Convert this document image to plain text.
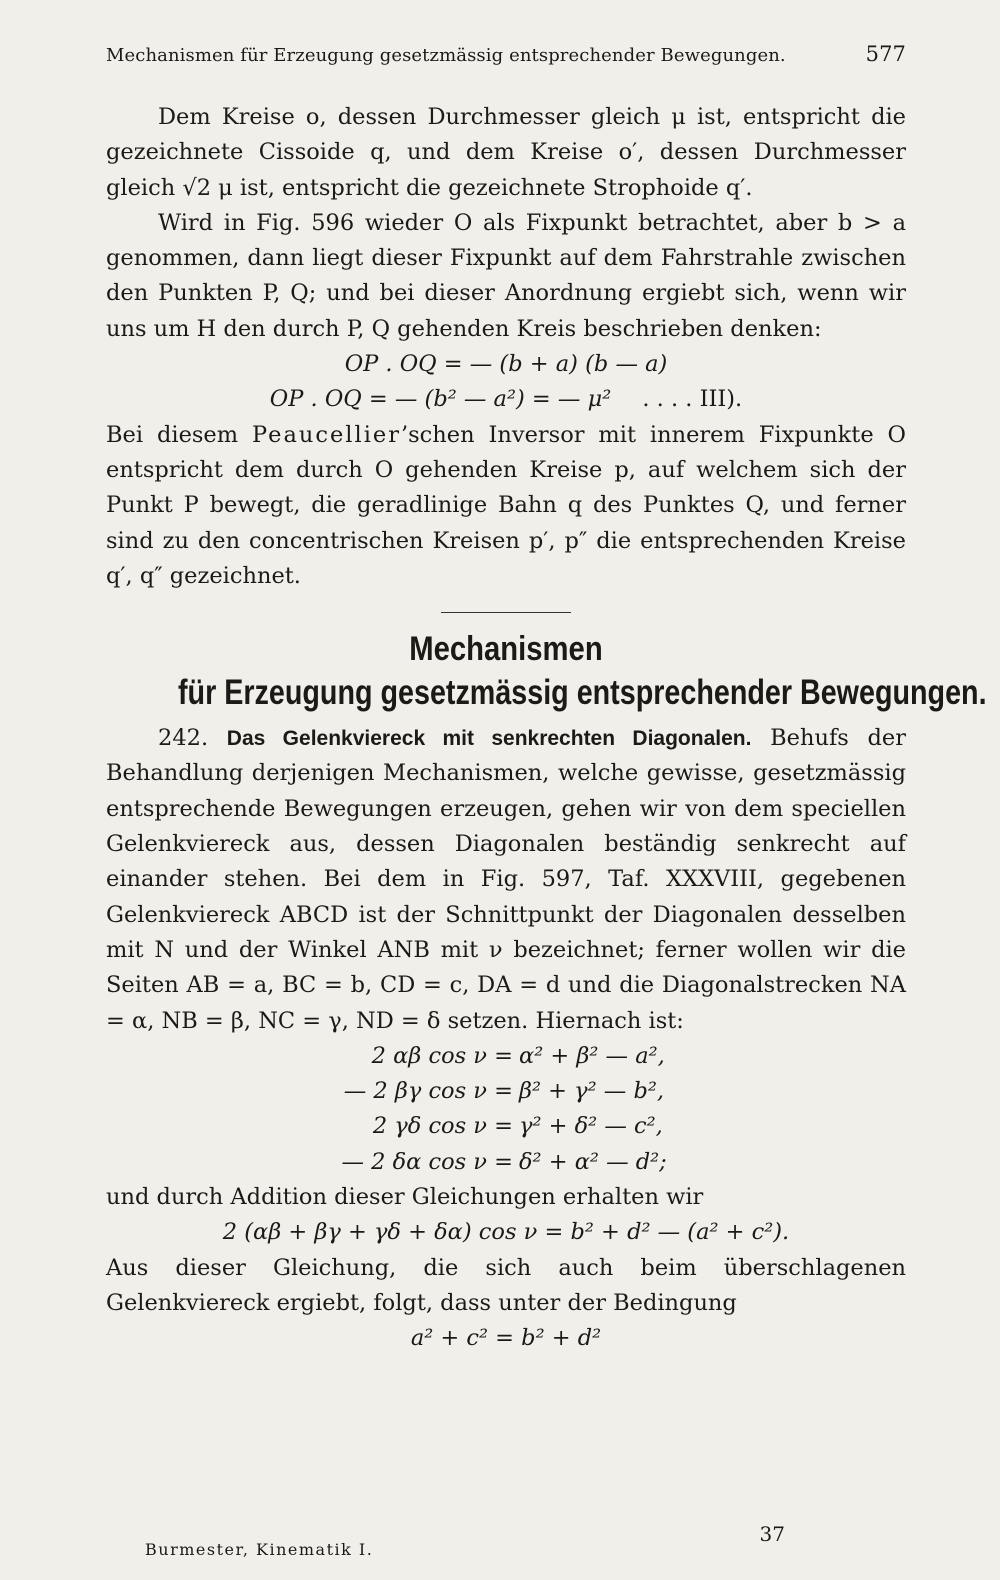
Mechanismen für Erzeugung gesetzmässig entsprechender Bewegungen.	577

Dem Kreise o, dessen Durchmesser gleich μ ist, entspricht die gezeichnete Cissoide q, und dem Kreise o′, dessen Durchmesser gleich √2 μ ist, entspricht die gezeichnete Strophoide q′.

Wird in Fig. 596 wieder O als Fixpunkt betrachtet, aber b > a genommen, dann liegt dieser Fixpunkt auf dem Fahrstrahle zwischen den Punkten P, Q; und bei dieser Anordnung ergiebt sich, wenn wir uns um H den durch P, Q gehenden Kreis beschrieben denken:

OP . OQ = — (b + a) (b — a)
OP . OQ = — (b² — a²) = — μ² . . . . III).

Bei diesem Peaucellier’schen Inversor mit innerem Fixpunkte O entspricht dem durch O gehenden Kreise p, auf welchem sich der Punkt P bewegt, die geradlinige Bahn q des Punktes Q, und ferner sind zu den concentrischen Kreisen p′, p″ die entsprechenden Kreise q′, q″ gezeichnet.

Mechanismen
für Erzeugung gesetzmässig entsprechender Bewegungen.

242. Das Gelenkviereck mit senkrechten Diagonalen. Behufs der Behandlung derjenigen Mechanismen, welche gewisse, gesetzmässig entsprechende Bewegungen erzeugen, gehen wir von dem speciellen Gelenkviereck aus, dessen Diagonalen beständig senkrecht auf einander stehen. Bei dem in Fig. 597, Taf. XXXVIII, gegebenen Gelenkviereck ABCD ist der Schnittpunkt der Diagonalen desselben mit N und der Winkel ANB mit ν bezeichnet; ferner wollen wir die Seiten AB = a, BC = b, CD = c, DA = d und die Diagonalstrecken NA = α, NB = β, NC = γ, ND = δ setzen. Hiernach ist:

2 αβ cos ν = α² + β² — a²,
— 2 βγ cos ν = β² + γ² — b²,
2 γδ cos ν = γ² + δ² — c²,
— 2 δα cos ν = δ² + α² — d²;

und durch Addition dieser Gleichungen erhalten wir

2 (αβ + βγ + γδ + δα) cos ν = b² + d² — (a² + c²).

Aus dieser Gleichung, die sich auch beim überschlagenen Gelenkviereck ergiebt, folgt, dass unter der Bedingung

a² + c² = b² + d²
Burmester, Kinematik I.
37
